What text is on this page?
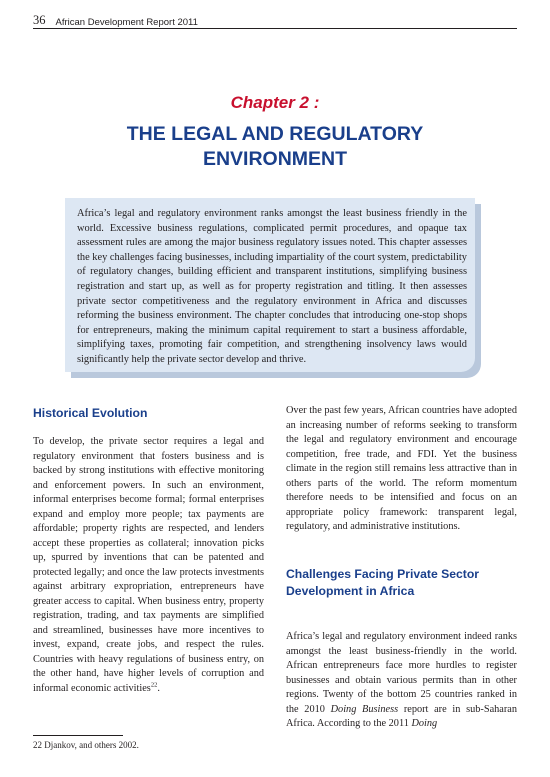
36 African Development Report 2011
Chapter 2 :
THE LEGAL AND REGULATORY
ENVIRONMENT
Africa’s legal and regulatory environment ranks amongst the least business friendly in the world. Excessive business regulations, complicated permit procedures, and opaque tax assessment rules are among the major business regulatory issues noted. This chapter assesses the key challenges facing businesses, including impartiality of the court system, predictability of regulatory changes, building efficient and transparent institutions, simplifying business registration and start up, as well as for property registration and titling. It then assesses private sector competitiveness and the regulatory environment in Africa and discusses reforming the business environment. The chapter concludes that introducing one-stop shops for entrepreneurs, making the minimum capital requirement to start a business affordable, simplifying taxes, promoting fair competition, and strengthening insolvency laws would significantly help the private sector develop and thrive.
Historical Evolution
To develop, the private sector requires a legal and regulatory environment that fosters business and is backed by strong institutions with effective monitoring and enforcement powers. In such an environment, informal enterprises become formal; formal enterprises expand and employ more people; tax payments are affordable; property rights are respected, and lenders accept these properties as collateral; innovation picks up, spurred by inventions that can be patented and protected legally; and once the law protects investments against arbitrary expropriation, entrepreneurs have greater access to capital. When business entry, property registration, trading, and tax payments are simplified and streamlined, businesses have more incentives to invest, expand, create jobs, and respect the rules. Countries with heavy regulations of business entry, on the other hand, have higher levels of corruption and informal economic activities$^{22}$.
Over the past few years, African countries have adopted an increasing number of reforms seeking to transform the legal and regulatory environment and encourage competition, free trade, and FDI. Yet the business climate in the region still remains less attractive than in others parts of the world. The reform momentum therefore needs to be intensified and focus on an appropriate policy framework: transparent legal, regulatory, and administrative institutions.
Challenges Facing Private Sector
Development in Africa
Africa’s legal and regulatory environment indeed ranks amongst the least business-friendly in the world. African entrepreneurs face more hurdles to register businesses and obtain various permits than in other regions. Twenty of the bottom 25 countries ranked in the 2010 Doing Business report are in sub-Saharan Africa. According to the 2011 Doing
22 Djankov, and others 2002.
